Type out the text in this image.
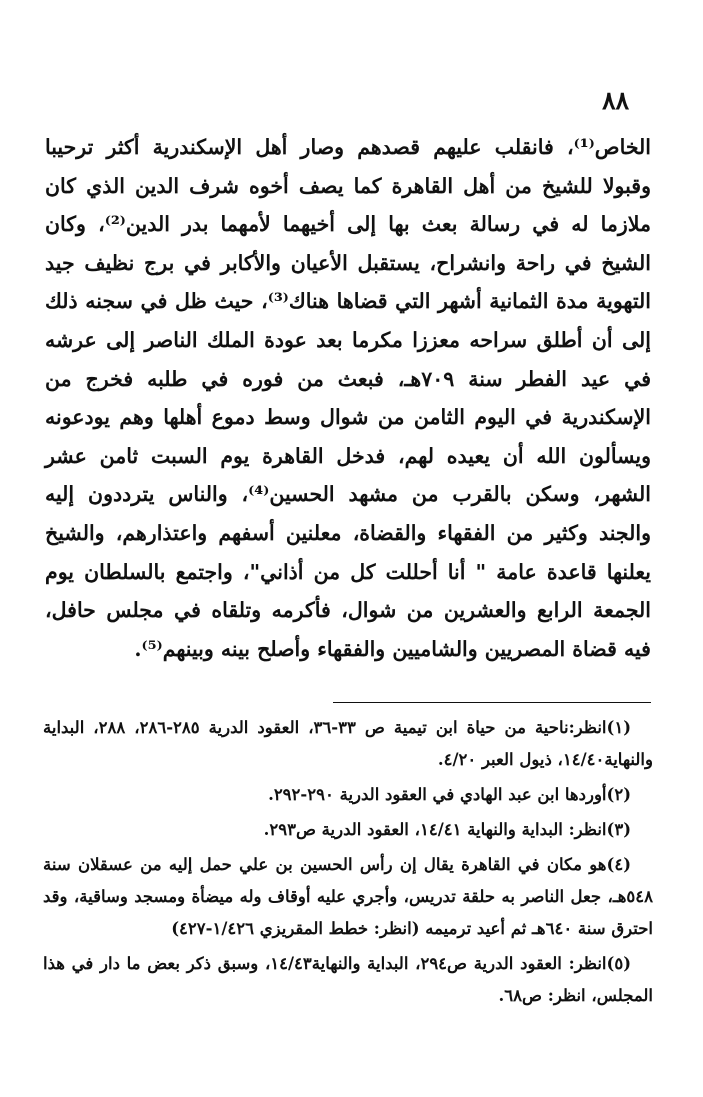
٨٨

الخاص⁽¹⁾، فانقلب عليهم قصدهم وصار أهل الإسكندرية أكثر ترحيبا وقبولا للشيخ من أهل القاهرة كما يصف أخوه شرف الدين الذي كان ملازما له في رسالة بعث بها إلى أخيهما لأمهما بدر الدين⁽²⁾، وكان الشيخ في راحة وانشراح، يستقبل الأعيان والأكابر في برج نظيف جيد التهوية مدة الثمانية أشهر التي قضاها هناك⁽³⁾، حيث ظل في سجنه ذلك إلى أن أطلق سراحه معززا مكرما بعد عودة الملك الناصر إلى عرشه في عيد الفطر سنة ٧٠٩هـ، فبعث من فوره في طلبه فخرج من الإسكندرية في اليوم الثامن من شوال وسط دموع أهلها وهم يودعونه ويسألون الله أن يعيده لهم، فدخل القاهرة يوم السبت ثامن عشر الشهر، وسكن بالقرب من مشهد الحسين⁽⁴⁾، والناس يترددون إليه والجند وكثير من الفقهاء والقضاة، معلنين أسفهم واعتذارهم، والشيخ يعلنها قاعدة عامة " أنا أحللت كل من أذاني"، واجتمع بالسلطان يوم الجمعة الرابع والعشرين من شوال، فأكرمه وتلقاه في مجلس حافل، فيه قضاة المصريين والشاميين والفقهاء وأصلح بينه وبينهم⁽⁵⁾.

(١)انظر:ناحية من حياة ابن تيمية ص ٣٣-٣٦، العقود الدرية ٢٨٥-٢٨٦، ٢٨٨، البداية والنهاية١٤/٤٠، ذيول العبر ٤/٢٠.

(٢)أوردها ابن عبد الهادي في العقود الدرية ٢٩٠-٢٩٢.

(٣)انظر: البداية والنهاية ١٤/٤١، العقود الدرية ص٢٩٣.

(٤)هو مكان في القاهرة يقال إن رأس الحسين بن علي حمل إليه من عسقلان سنة ٥٤٨هـ، جعل الناصر به حلقة تدريس، وأجري عليه أوقاف وله ميضأة ومسجد وساقية، وقد احترق سنة ٦٤٠هـ ثم أعيد ترميمه (انظر: خطط المقريزي ١/٤٢٦-٤٢٧)

(٥)انظر: العقود الدرية ص٢٩٤، البداية والنهاية١٤/٤٣، وسبق ذكر بعض ما دار في هذا المجلس، انظر: ص٦٨.
